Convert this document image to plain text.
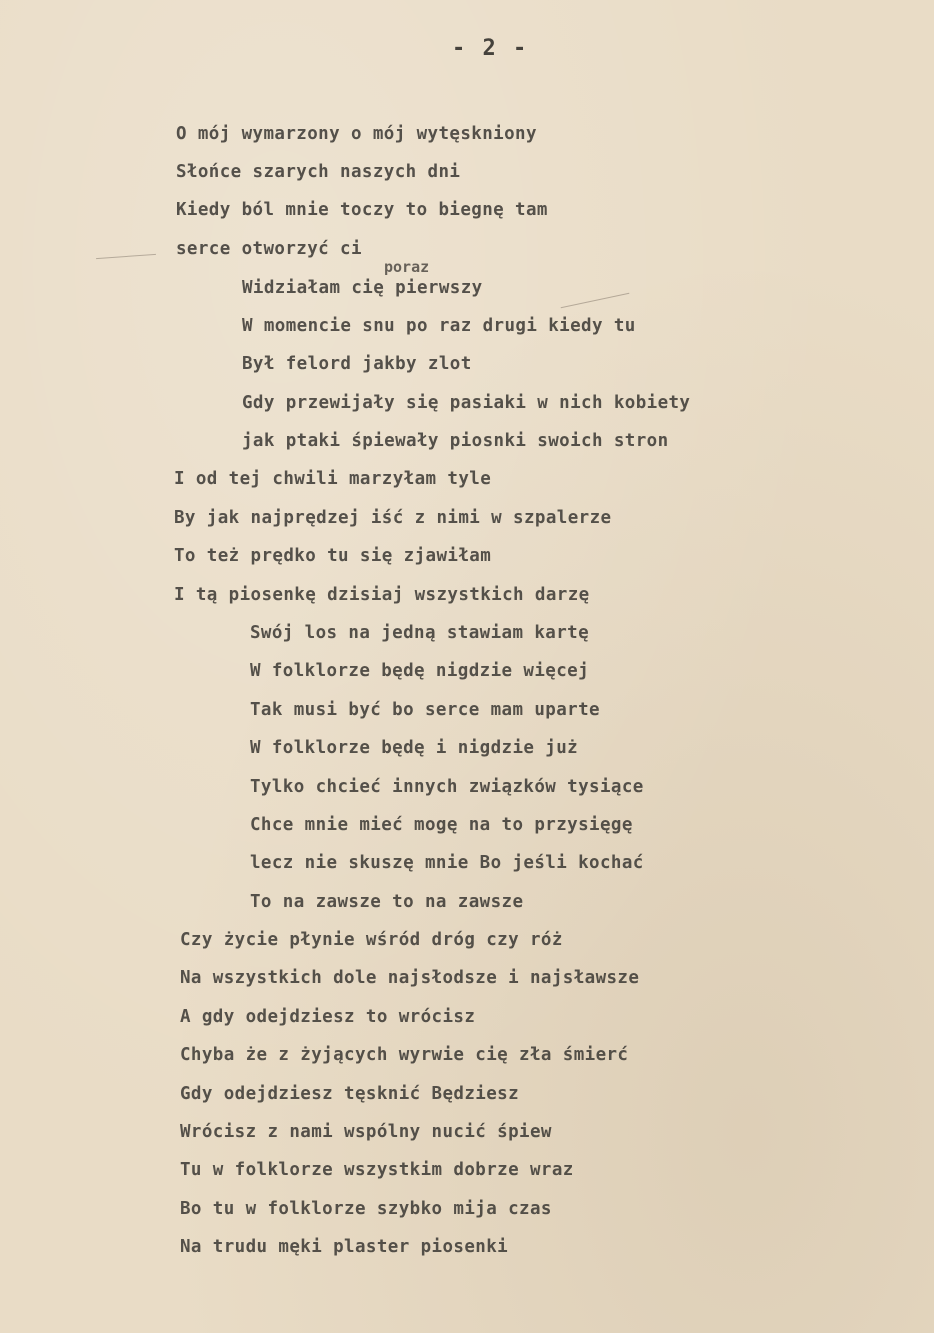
- 2 -
poraz
O mój wymarzony o mój wytęskniony
Słońce szarych naszych dni
Kiedy ból mnie toczy to biegnę tam
serce otworzyć ci
Widziałam cię pierwszy
W momencie snu po raz drugi kiedy tu
Był felord jakby zlot
Gdy przewijały się pasiaki w nich kobiety
jak ptaki śpiewały piosnki swoich stron
I od tej chwili marzyłam tyle
By jak najprędzej iść z nimi w szpalerze
To też prędko tu się zjawiłam
I tą piosenkę dzisiaj wszystkich darzę
Swój los na jedną stawiam kartę
W folklorze będę nigdzie więcej
Tak musi być bo serce mam uparte
W folklorze będę i nigdzie już
Tylko chcieć innych związków tysiące
Chce mnie mieć mogę na to przysięgę
lecz nie skuszę mnie Bo jeśli kochać
To na zawsze to na zawsze
Czy życie płynie wśród dróg czy róż
Na wszystkich dole najsłodsze i najsławsze
A gdy odejdziesz to wrócisz
Chyba że z żyjących wyrwie cię zła śmierć
Gdy odejdziesz tęsknić Będziesz
Wrócisz z nami wspólny nucić śpiew
Tu w folklorze wszystkim dobrze wraz
Bo tu w folklorze szybko mija czas
Na trudu męki plaster piosenki
